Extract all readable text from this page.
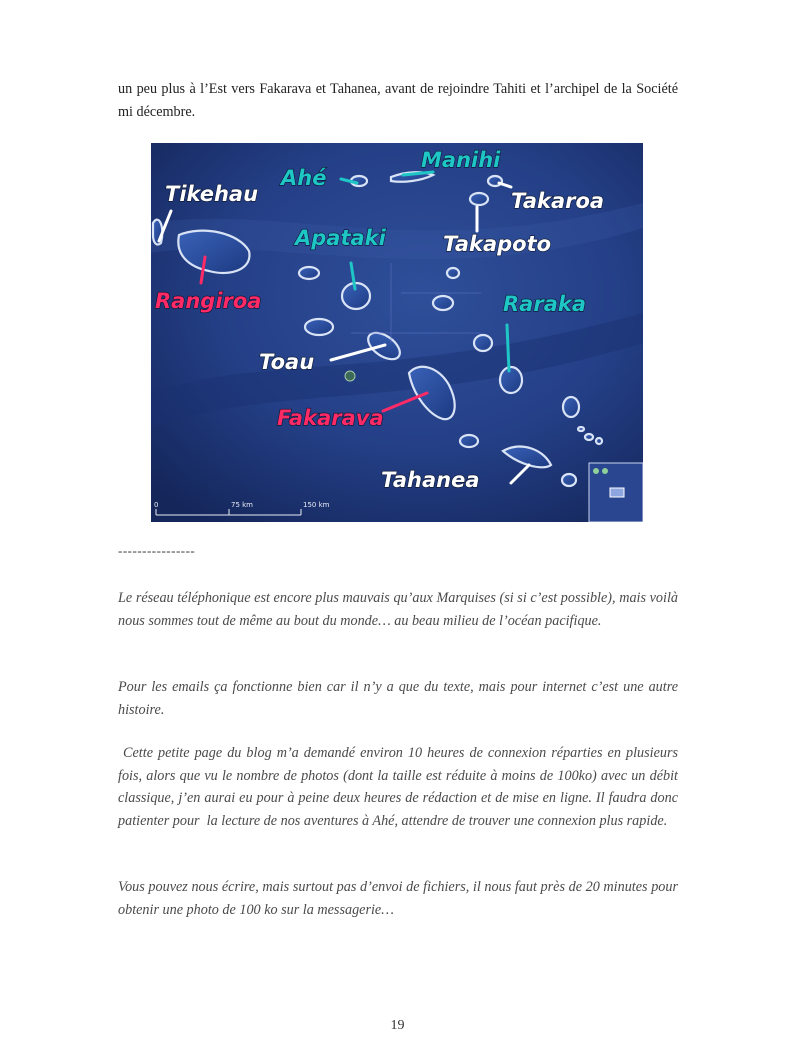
un peu plus à l’Est vers Fakarava et Tahanea, avant de rejoindre Tahiti et l’archipel de la Société mi décembre.

Tikehau
Ahé
Manihi
Takaroa
Takapoto
Apataki
Rangiroa	Raraka
Toau
Fakarava
Tahanea
0	75 km	150 km
----------------

Le réseau téléphonique est encore plus mauvais qu’aux Marquises (si si c’est possible), mais voilà nous sommes tout de même au bout du monde… au beau milieu de l’océan pacifique.

Pour les emails ça fonctionne bien car il n’y a que du texte, mais pour internet c’est une autre histoire.

Cette petite page du blog m’a demandé environ 10 heures de connexion réparties en plusieurs fois, alors que vu le nombre de photos (dont la taille est réduite à moins de 100ko) avec un débit classique, j’en aurai eu pour à peine deux heures de rédaction et de mise en ligne. Il faudra donc patienter pour  la lecture de nos aventures à Ahé, attendre de trouver une connexion plus rapide.

Vous pouvez nous écrire, mais surtout pas d’envoi de fichiers, il nous faut près de 20 minutes pour obtenir une photo de 100 ko sur la messagerie…

19
